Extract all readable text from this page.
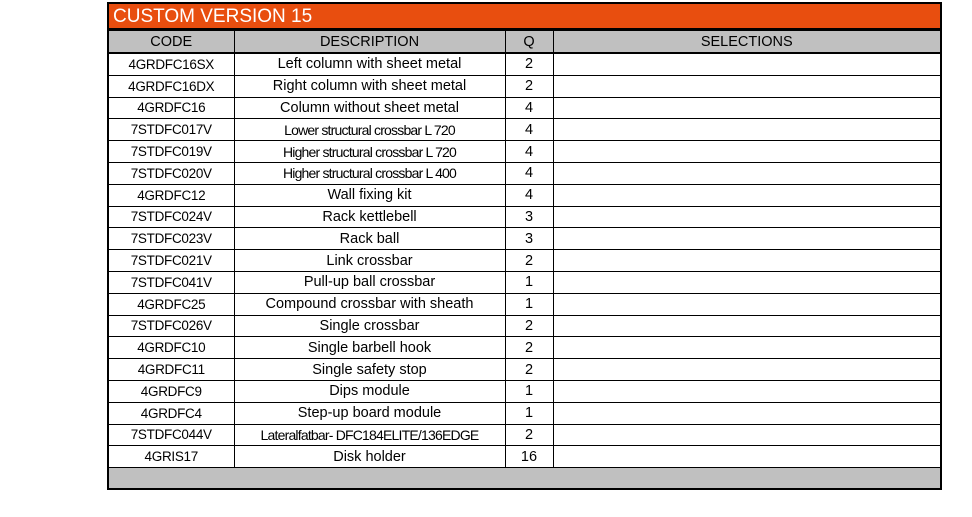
CUSTOM VERSION 15
CODE	DESCRIPTION	Q	SELECTIONS
4GRDFC16SX	Left column with sheet metal	2	
4GRDFC16DX	Right column with sheet metal	2	
4GRDFC16	Column without sheet metal	4	
7STDFC017V	Lower structural crossbar L 720	4	
7STDFC019V	Higher structural crossbar L 720	4	
7STDFC020V	Higher structural crossbar L 400	4	
4GRDFC12	Wall fixing kit	4	
7STDFC024V	Rack kettlebell	3	
7STDFC023V	Rack ball	3	
7STDFC021V	Link crossbar	2	
7STDFC041V	Pull-up ball crossbar	1	
4GRDFC25	Compound crossbar with sheath	1	
7STDFC026V	Single crossbar	2	
4GRDFC10	Single barbell hook	2	
4GRDFC11	Single safety stop	2	
4GRDFC9	Dips module	1	
4GRDFC4	Step-up board module	1	
7STDFC044V	Lateralfatbar- DFC184ELITE/136EDGE	2	
4GRIS17	Disk holder	16	
